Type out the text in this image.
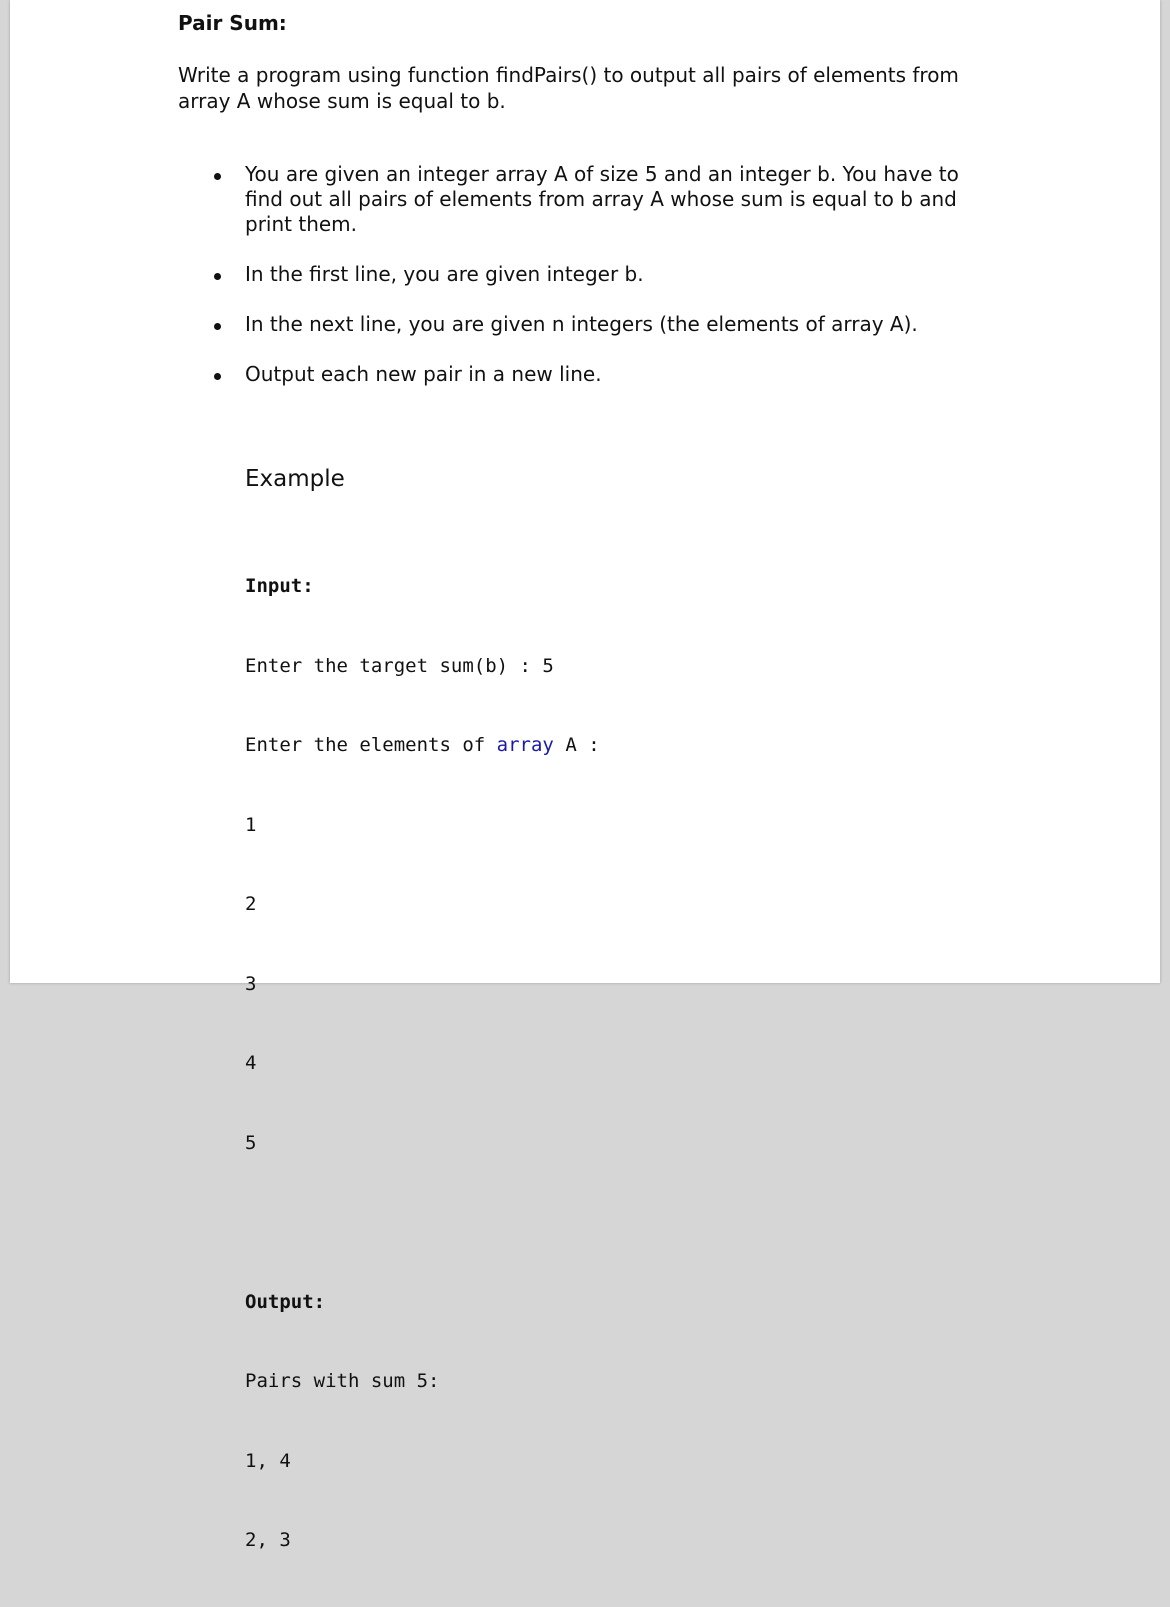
Pair Sum:

Write a program using function findPairs() to output all pairs of elements from array A whose sum is equal to b.

You are given an integer array A of size 5 and an integer b. You have to find out all pairs of elements from array A whose sum is equal to b and print them.
In the first line, you are given integer b.
In the next line, you are given n integers (the elements of array A).
Output each new pair in a new line.
Example

Input:

Enter the target sum(b) : 5

Enter the elements of array A :

1

2

3

4

5

Output:

Pairs with sum 5:

1, 4

2, 3
